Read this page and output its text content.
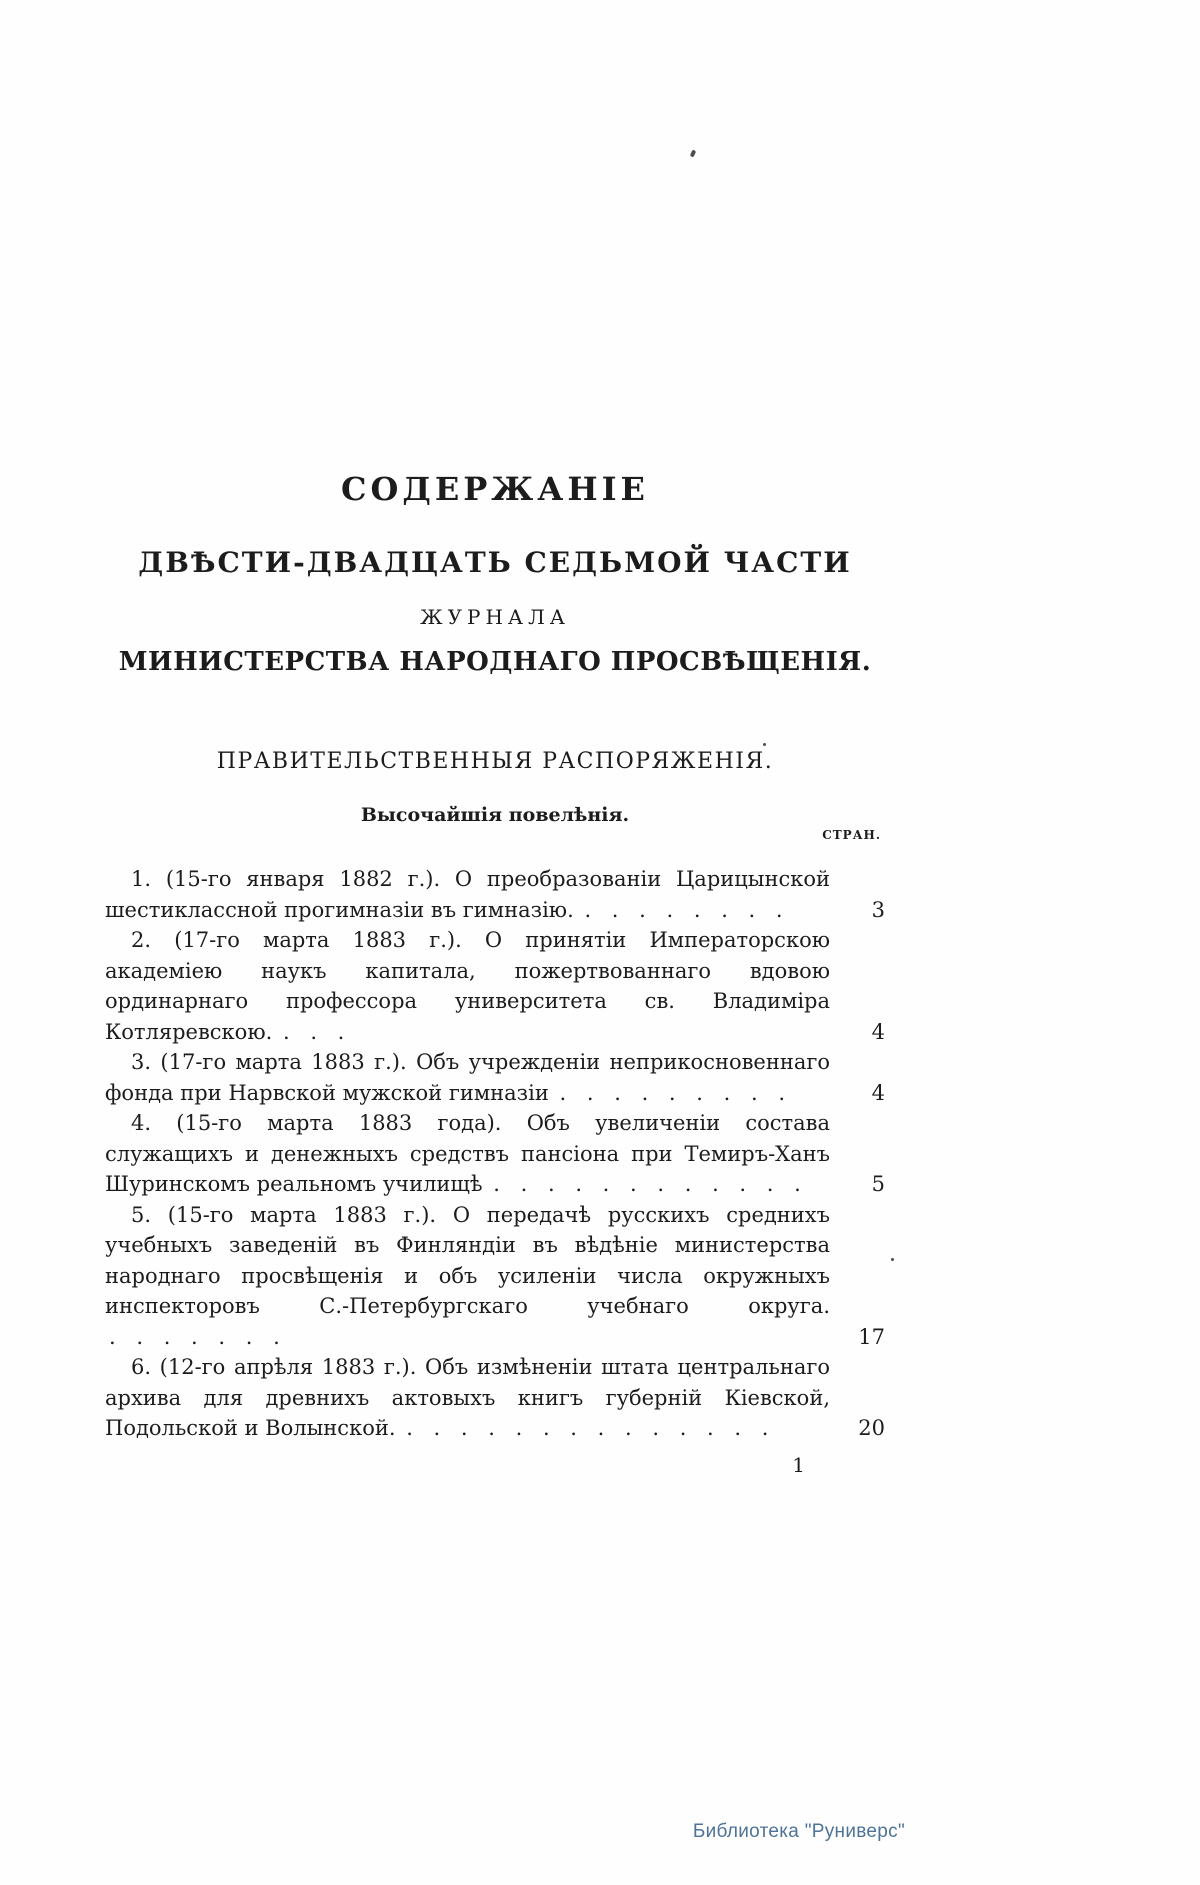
СОДЕРЖАНІЕ
ДВѢСТИ-ДВАДЦАТЬ СЕДЬМОЙ ЧАСТИ
ЖУРНАЛА
МИНИСТЕРСТВА НАРОДНАГО ПРОСВѢЩЕНІЯ.
ПРАВИТЕЛЬСТВЕННЫЯ РАСПОРЯЖЕНІЯ.
Высочайшія повелѣнія.
СТРАН.

1. (15-го января 1882 г.). О преобразованіи Царицынской шестиклассной прогимназіи въ гимназію. . . . . . . . .	3

2. (17-го марта 1883 г.). О принятіи Императорскою академіею наукъ капитала, пожертвованнаго вдовою ординарнаго профессора университета св. Владиміра Котляревскою. . . .	4

3. (17-го марта 1883 г.). Объ учрежденіи неприкосновеннаго фонда при Нарвской мужской гимназіи . . . . . . . . .	4

4. (15-го марта 1883 года). Объ увеличеніи состава служащихъ и денежныхъ средствъ пансіона при Темиръ-Ханъ Шуринскомъ реальномъ училищѣ . . . . . . . . . . . .	5

5. (15-го марта 1883 г.). О передачѣ русскихъ среднихъ учебныхъ заведеній въ Финляндіи въ вѣдѣніе министерства народнаго просвѣщенія и объ усиленіи числа окружныхъ инспекторовъ С.-Петербургскаго учебнаго округа. . . . . . . .	17

6. (12-го апрѣля 1883 г.). Объ измѣненіи штата центральнаго архива для древнихъ актовыхъ книгъ губерній Кіевской, Подольской и Волынской. . . . . . . . . . . . . . .	20

1
Библиотека "Руниверс"
